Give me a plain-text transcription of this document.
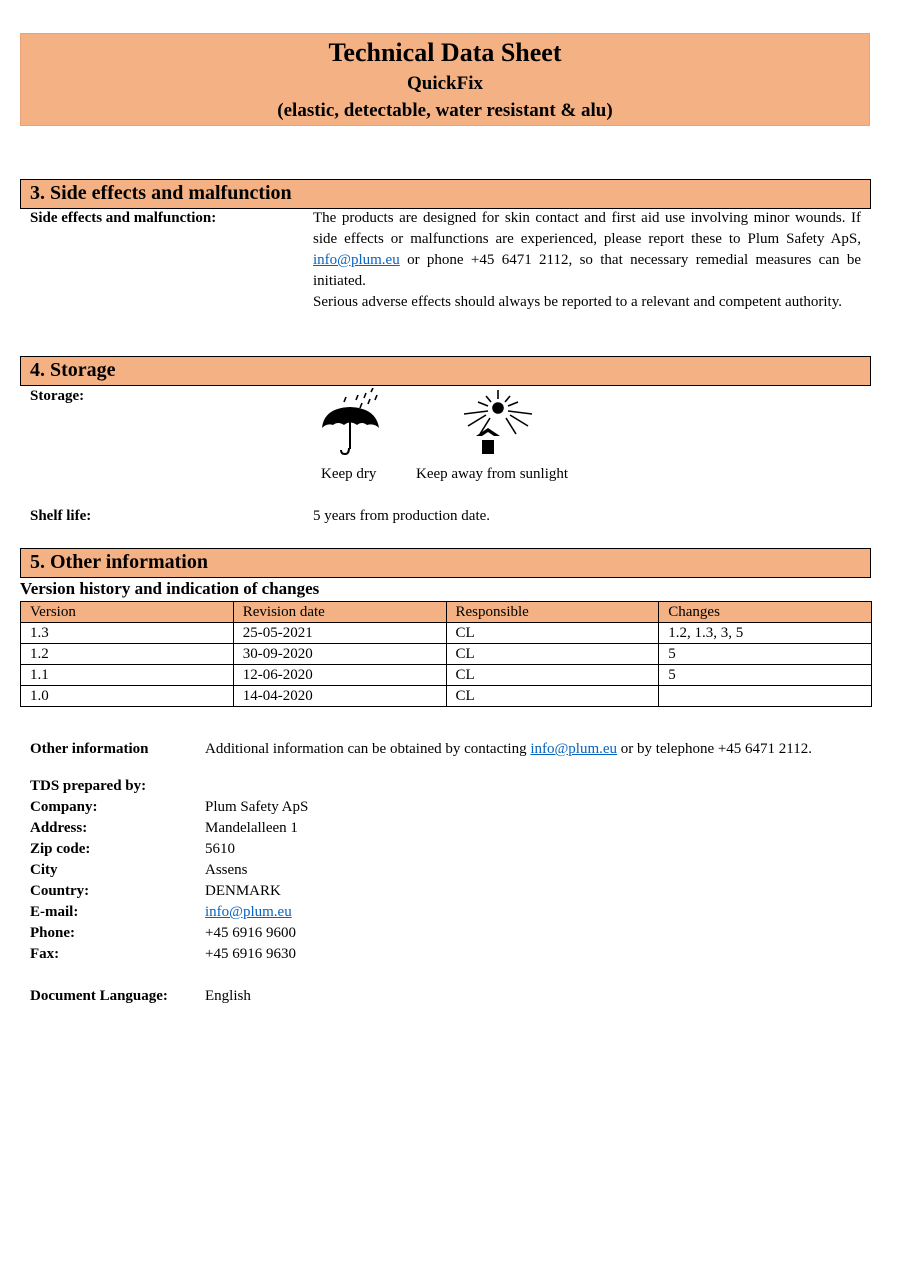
Technical Data Sheet
QuickFix
(elastic, detectable, water resistant & alu)
3. Side effects and malfunction
Side effects and malfunction:	The products are designed for skin contact and first aid use involving minor wounds. If side effects or malfunctions are experienced, please report these to Plum Safety ApS, info@plum.eu or phone +45 6471 2112, so that necessary remedial measures can be initiated.
Serious adverse effects should always be reported to a relevant and competent authority.
4. Storage
Storage:
Keep dry	Keep away from sunlight
Shelf life:	5 years from production date.
5. Other information
Version history and indication of changes
Version	Revision date	Responsible	Changes
1.3	25-05-2021	CL	1.2, 1.3, 3, 5
1.2	30-09-2020	CL	5
1.1	12-06-2020	CL	5
1.0	14-04-2020	CL	
Other information	Additional information can be obtained by contacting info@plum.eu or by telephone +45 6471 2112.
TDS prepared by:
Company:	Plum Safety ApS
Address:	Mandelalleen 1
Zip code:	5610
City	Assens
Country:	DENMARK
E-mail:	info@plum.eu
Phone:	+45 6916 9600
Fax:	+45 6916 9630
Document Language: English
